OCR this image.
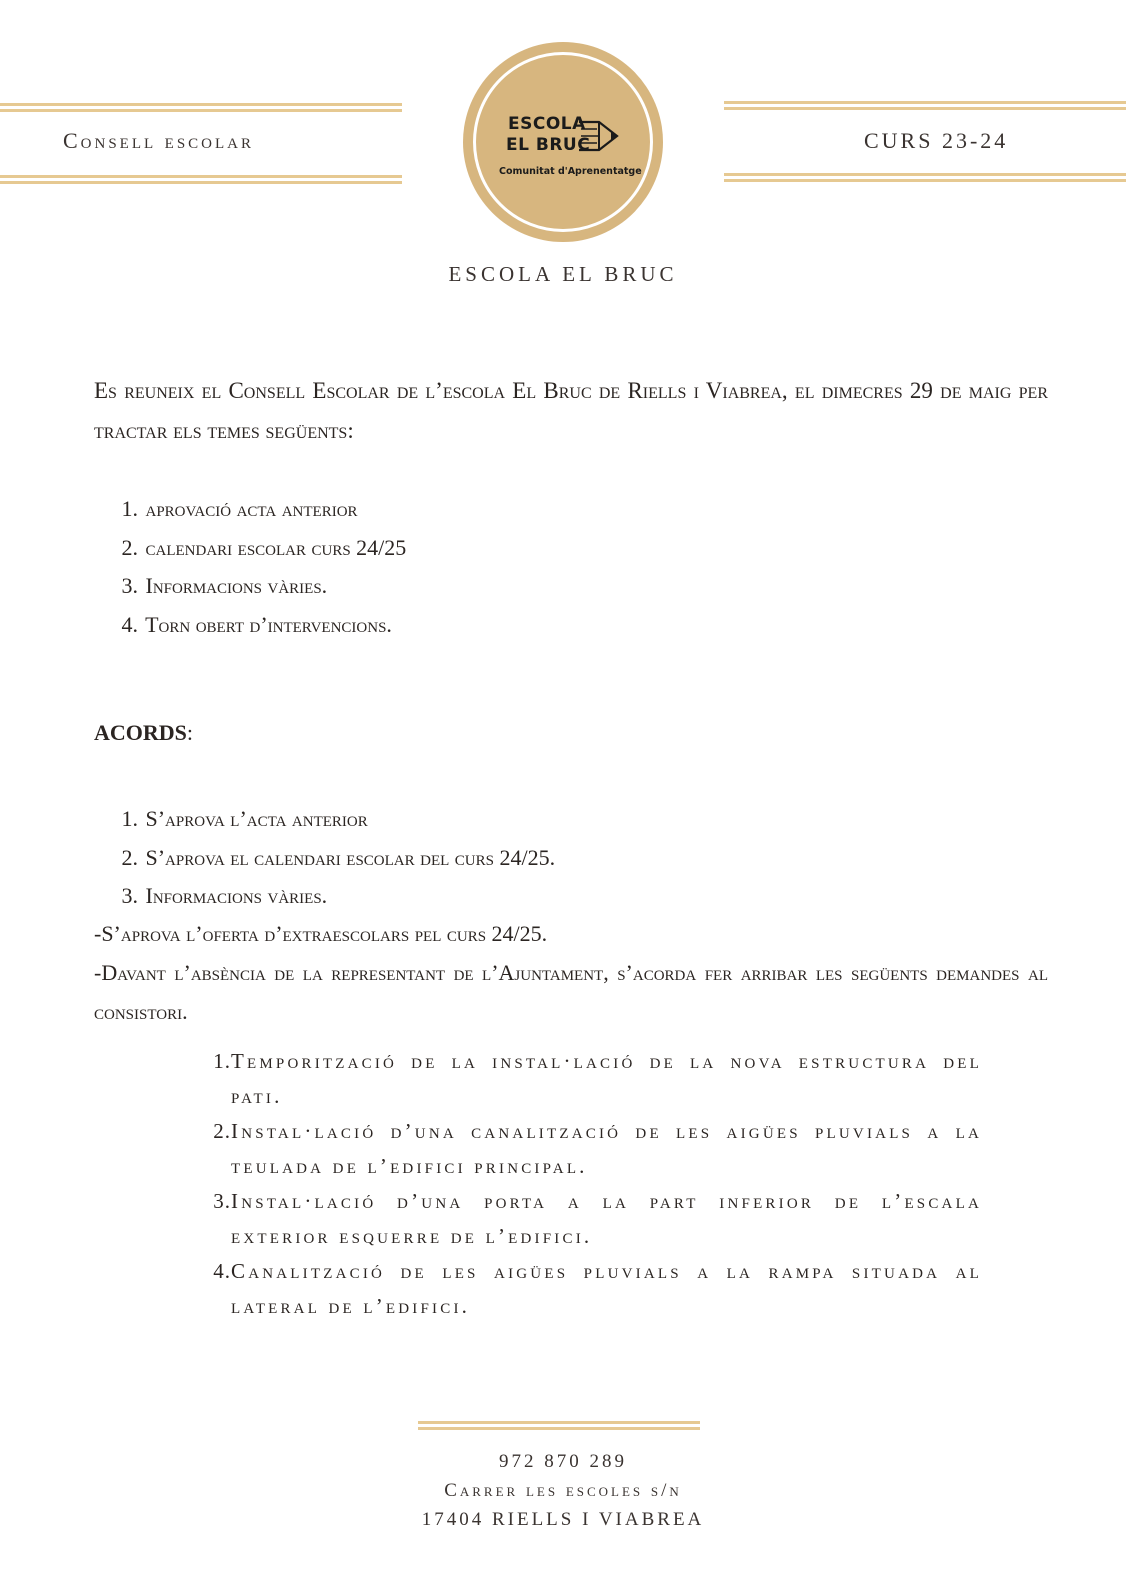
Consell escolar	CURS 23-24
ESCOLA
EL BRUC
Comunitat d'Aprenentatge
ESCOLA EL BRUC
Es reuneix el Consell Escolar de l’escola El Bruc de Riells i Viabrea, el dimecres 29 de maig per tractar els temes següents:
1. aprovació acta anterior
2. calendari escolar curs 24/25
3. Informacions vàries.
4. Torn obert d’intervencions.
ACORDS:
1. S’aprova l’acta anterior
2. S’aprova el calendari escolar del curs 24/25.
3. Informacions vàries.
-S’aprova l’oferta d’extraescolars pel curs 24/25.
-Davant l’absència de la representant de l’Ajuntament, s’acorda fer arribar les següents demandes al consistori.
1. Temporització de la instal·lació de la nova estructura del pati.
2. Instal·lació d’una canalització de les aigües pluvials a la teulada de l’edifici principal.
3. Instal·lació d’una porta a la part inferior de l’escala exterior esquerre de l’edifici.
4. Canalització de les aigües pluvials a la rampa situada al lateral de l’edifici.
972 870 289
Carrer les escoles s/n
17404 RIELLS I VIABREA
